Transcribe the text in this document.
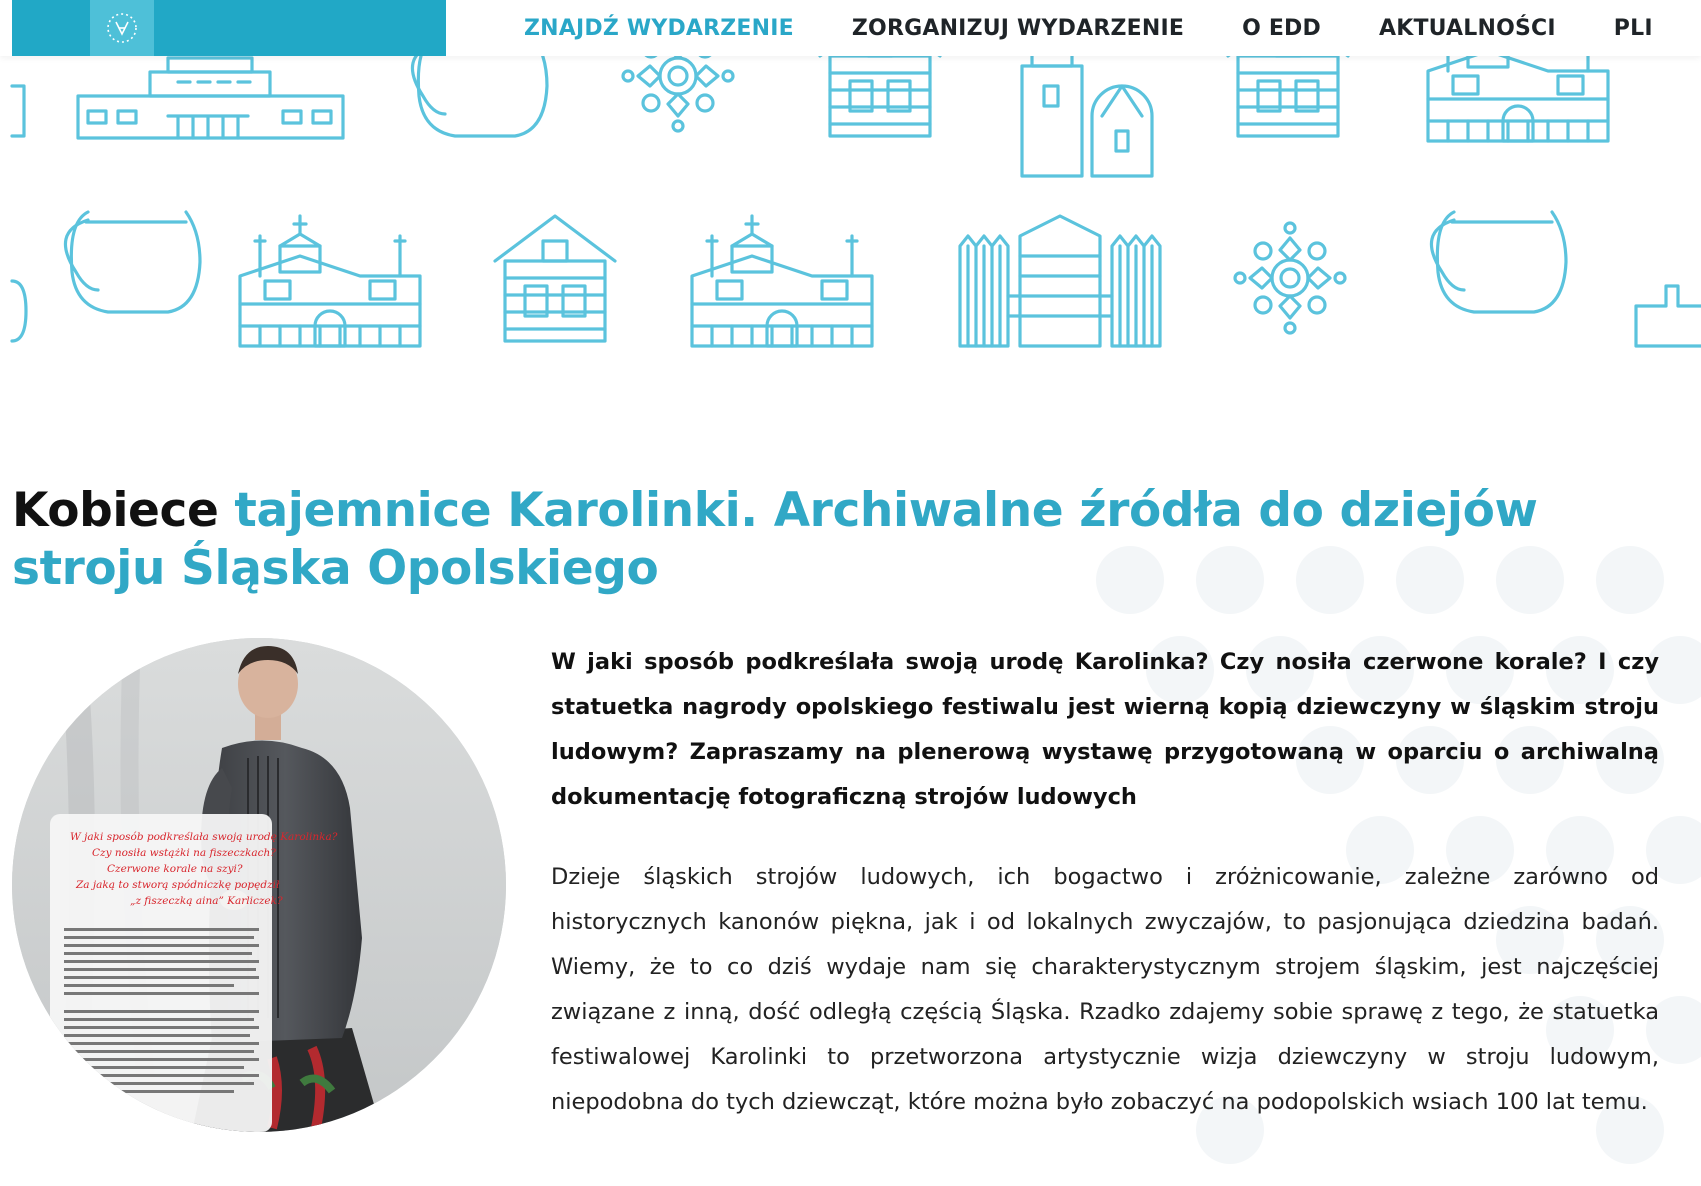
ZNAJDŹ WYDARZENIE	ZORGANIZUJ WYDARZENIE	O EDD	AKTUALNOŚCI	PLI
Kobiece tajemnice Karolinki. Archiwalne źródła do dziejów stroju Śląska Opolskiego
W jaki sposób podkreślała swoją urodę Karolinka?
Czy nosiła wstążki na fiszeczkach?
Czerwone korale na szyi?
Za jaką to stworą spódniczkę popędził
„z fiszeczką aina” Karliczek?

W jaki sposób podkreślała swoją urodę Karolinka? Czy nosiła czerwone korale? I czy statuetka nagrody opolskiego festiwalu jest wierną kopią dziewczyny w śląskim stroju ludowym? Zapraszamy na plenerową wystawę przygotowaną w oparciu o archiwalną dokumentację fotograficzną strojów ludowych

Dzieje śląskich strojów ludowych, ich bogactwo i zróżnicowanie, zależne zarówno od historycznych kanonów piękna, jak i od lokalnych zwyczajów, to pasjonująca dziedzina badań. Wiemy, że to co dziś wydaje nam się charakterystycznym strojem śląskim, jest najczęściej związane z inną, dość odległą częścią Śląska. Rzadko zdajemy sobie sprawę z tego, że statuetka festiwalowej Karolinki to przetworzona artystycznie wizja dziewczyny w stroju ludowym, niepodobna do tych dziewcząt, które można było zobaczyć na podopolskich wsiach 100 lat temu.
